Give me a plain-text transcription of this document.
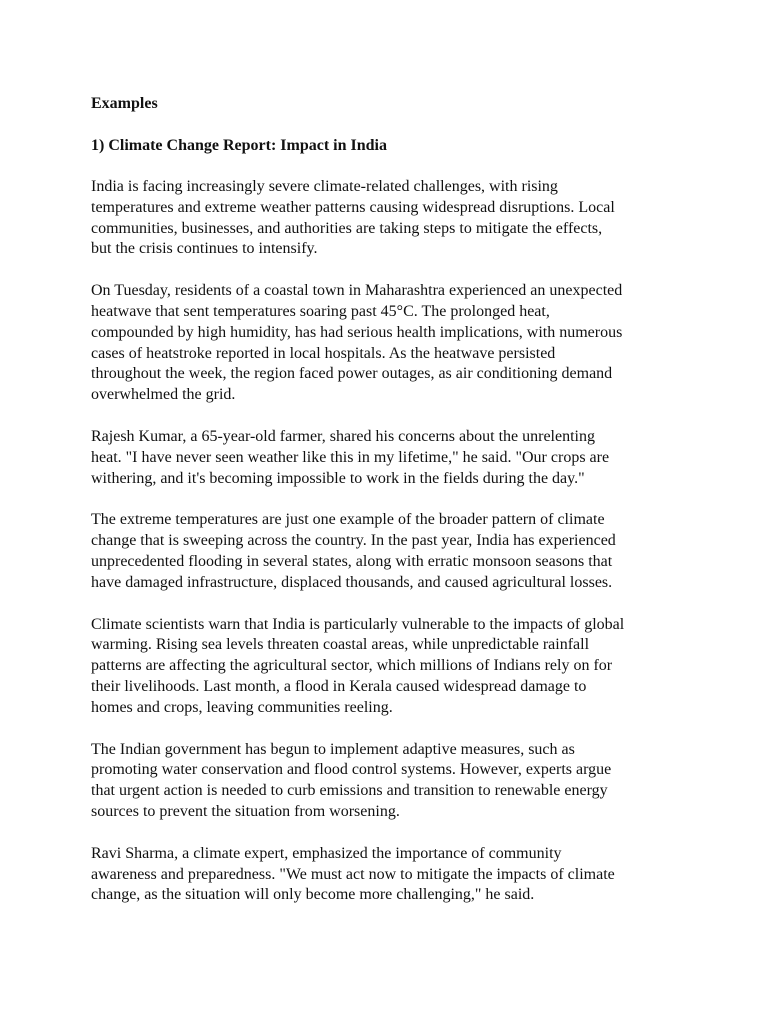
Examples
1) Climate Change Report: Impact in India
India is facing increasingly severe climate-related challenges, with rising
temperatures and extreme weather patterns causing widespread disruptions. Local
communities, businesses, and authorities are taking steps to mitigate the effects,
but the crisis continues to intensify.
On Tuesday, residents of a coastal town in Maharashtra experienced an unexpected
heatwave that sent temperatures soaring past 45°C. The prolonged heat,
compounded by high humidity, has had serious health implications, with numerous
cases of heatstroke reported in local hospitals. As the heatwave persisted
throughout the week, the region faced power outages, as air conditioning demand
overwhelmed the grid.
Rajesh Kumar, a 65-year-old farmer, shared his concerns about the unrelenting
heat. "I have never seen weather like this in my lifetime," he said. "Our crops are
withering, and it's becoming impossible to work in the fields during the day."
The extreme temperatures are just one example of the broader pattern of climate
change that is sweeping across the country. In the past year, India has experienced
unprecedented flooding in several states, along with erratic monsoon seasons that
have damaged infrastructure, displaced thousands, and caused agricultural losses.
Climate scientists warn that India is particularly vulnerable to the impacts of global
warming. Rising sea levels threaten coastal areas, while unpredictable rainfall
patterns are affecting the agricultural sector, which millions of Indians rely on for
their livelihoods. Last month, a flood in Kerala caused widespread damage to
homes and crops, leaving communities reeling.
The Indian government has begun to implement adaptive measures, such as
promoting water conservation and flood control systems. However, experts argue
that urgent action is needed to curb emissions and transition to renewable energy
sources to prevent the situation from worsening.
Ravi Sharma, a climate expert, emphasized the importance of community
awareness and preparedness. "We must act now to mitigate the impacts of climate
change, as the situation will only become more challenging," he said.
